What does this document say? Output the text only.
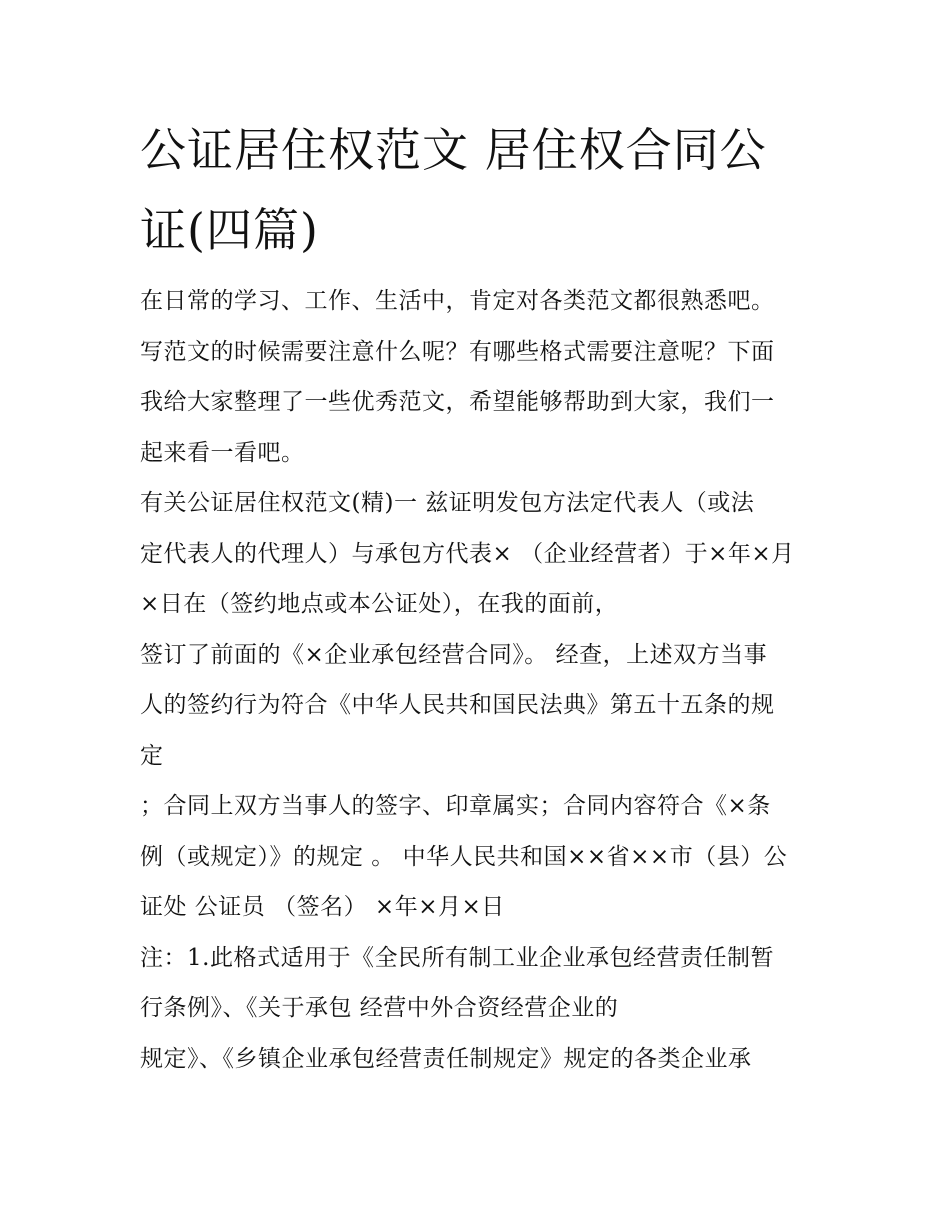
公证居住权范文 居住权合同公
证(四篇)

在日常的学习、工作、生活中，肯定对各类范文都很熟悉吧。
写范文的时候需要注意什么呢？有哪些格式需要注意呢？下面
我给大家整理了一些优秀范文，希望能够帮助到大家，我们一
起来看一看吧。

有关公证居住权范文(精)一 兹证明发包方法定代表人（或法
定代表人的代理人）与承包方代表× （企业经营者）于×年×月
×日在（签约地点或本公证处），在我的面前，

签订了前面的《×企业承包经营合同》。 经查，上述双方当事
人的签约行为符合《中华人民共和国民法典》第五十五条的规
定

；合同上双方当事人的签字、印章属实；合同内容符合《×条
例（或规定）》的规定 。 中华人民共和国××省××市（县）公
证处 公证员 （签名） ×年×月×日

注：1.此格式适用于《全民所有制工业企业承包经营责任制暂
行条例》、《关于承包 经营中外合资经营企业的

规定》、《乡镇企业承包经营责任制规定》规定的各类企业承
